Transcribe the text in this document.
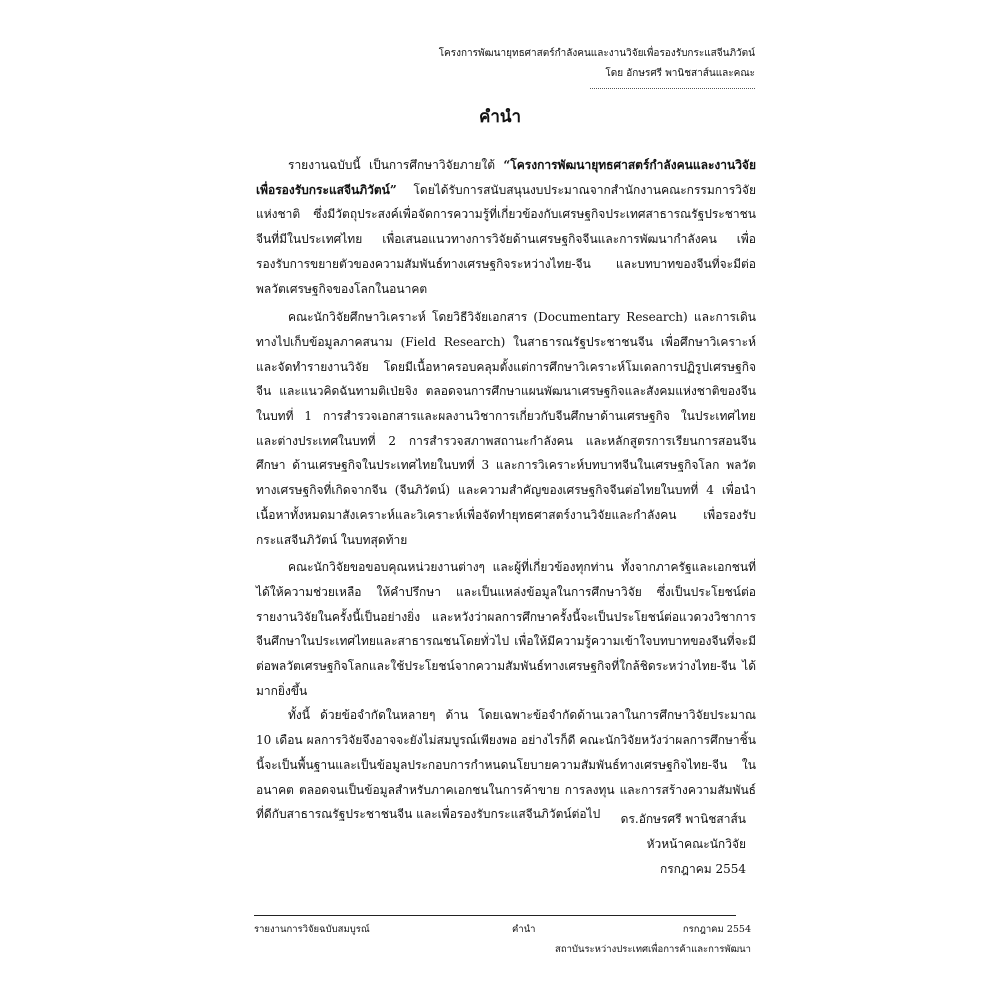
โครงการพัฒนายุทธศาสตร์กำลังคนและงานวิจัยเพื่อรองรับกระแสจีนภิวัตน์
โดย อักษรศรี พานิชสาส์นและคณะ
คำนำ

รายงานฉบับนี้ เป็นการศึกษาวิจัยภายใต้ “โครงการพัฒนายุทธศาสตร์กำลังคนและงานวิจัยเพื่อรองรับกระแสจีนภิวัตน์” โดยได้รับการสนับสนุนงบประมาณจากสำนักงานคณะกรรมการวิจัยแห่งชาติ ซึ่งมีวัตถุประสงค์เพื่อจัดการความรู้ที่เกี่ยวข้องกับเศรษฐกิจประเทศสาธารณรัฐประชาชนจีนที่มีในประเทศไทย เพื่อเสนอแนวทางการวิจัยด้านเศรษฐกิจจีนและการพัฒนากำลังคน เพื่อรองรับการขยายตัวของความสัมพันธ์ทางเศรษฐกิจระหว่างไทย-จีน และบทบาทของจีนที่จะมีต่อพลวัตเศรษฐกิจของโลกในอนาคต

คณะนักวิจัยศึกษาวิเคราะห์ โดยวิธีวิจัยเอกสาร (Documentary Research) และการเดินทางไปเก็บข้อมูลภาคสนาม (Field Research) ในสาธารณรัฐประชาชนจีน เพื่อศึกษาวิเคราะห์และจัดทำรายงานวิจัย โดยมีเนื้อหาครอบคลุมตั้งแต่การศึกษาวิเคราะห์โมเดลการปฏิรูปเศรษฐกิจจีน และแนวคิดฉันทามติเป่ยจิง ตลอดจนการศึกษาแผนพัฒนาเศรษฐกิจและสังคมแห่งชาติของจีนในบทที่ 1 การสำรวจเอกสารและผลงานวิชาการเกี่ยวกับจีนศึกษาด้านเศรษฐกิจ ในประเทศไทยและต่างประเทศในบทที่ 2 การสำรวจสภาพสถานะกำลังคน และหลักสูตรการเรียนการสอนจีนศึกษา ด้านเศรษฐกิจในประเทศไทยในบทที่ 3 และการวิเคราะห์บทบาทจีนในเศรษฐกิจโลก พลวัตทางเศรษฐกิจที่เกิดจากจีน (จีนภิวัตน์) และความสำคัญของเศรษฐกิจจีนต่อไทยในบทที่ 4 เพื่อนำเนื้อหาทั้งหมดมาสังเคราะห์และวิเคราะห์เพื่อจัดทำยุทธศาสตร์งานวิจัยและกำลังคน เพื่อรองรับกระแสจีนภิวัตน์ ในบทสุดท้าย

คณะนักวิจัยขอขอบคุณหน่วยงานต่างๆ และผู้ที่เกี่ยวข้องทุกท่าน ทั้งจากภาครัฐและเอกชนที่ได้ให้ความช่วยเหลือ ให้คำปรึกษา และเป็นแหล่งข้อมูลในการศึกษาวิจัย ซึ่งเป็นประโยชน์ต่อรายงานวิจัยในครั้งนี้เป็นอย่างยิ่ง และหวังว่าผลการศึกษาครั้งนี้จะเป็นประโยชน์ต่อแวดวงวิชาการจีนศึกษาในประเทศไทยและสาธารณชนโดยทั่วไป เพื่อให้มีความรู้ความเข้าใจบทบาทของจีนที่จะมีต่อพลวัตเศรษฐกิจโลกและใช้ประโยชน์จากความสัมพันธ์ทางเศรษฐกิจที่ใกล้ชิดระหว่างไทย-จีน ได้มากยิ่งขึ้น

ทั้งนี้ ด้วยข้อจำกัดในหลายๆ ด้าน โดยเฉพาะข้อจำกัดด้านเวลาในการศึกษาวิจัยประมาณ 10 เดือน ผลการวิจัยจึงอาจจะยังไม่สมบูรณ์เพียงพอ อย่างไรก็ดี คณะนักวิจัยหวังว่าผลการศึกษาชิ้นนี้จะเป็นพื้นฐานและเป็นข้อมูลประกอบการกำหนดนโยบายความสัมพันธ์ทางเศรษฐกิจไทย-จีน ในอนาคต ตลอดจนเป็นข้อมูลสำหรับภาคเอกชนในการค้าขาย การลงทุน และการสร้างความสัมพันธ์ที่ดีกับสาธารณรัฐประชาชนจีน และเพื่อรองรับกระแสจีนภิวัตน์ต่อไป	ดร.อักษรศรี พานิชสาส์น
หัวหน้าคณะนักวิจัย
กรกฎาคม 2554
รายงานการวิจัยฉบับสมบูรณ์	คำนำ	กรกฎาคม 2554
สถาบันระหว่างประเทศเพื่อการค้าและการพัฒนา
